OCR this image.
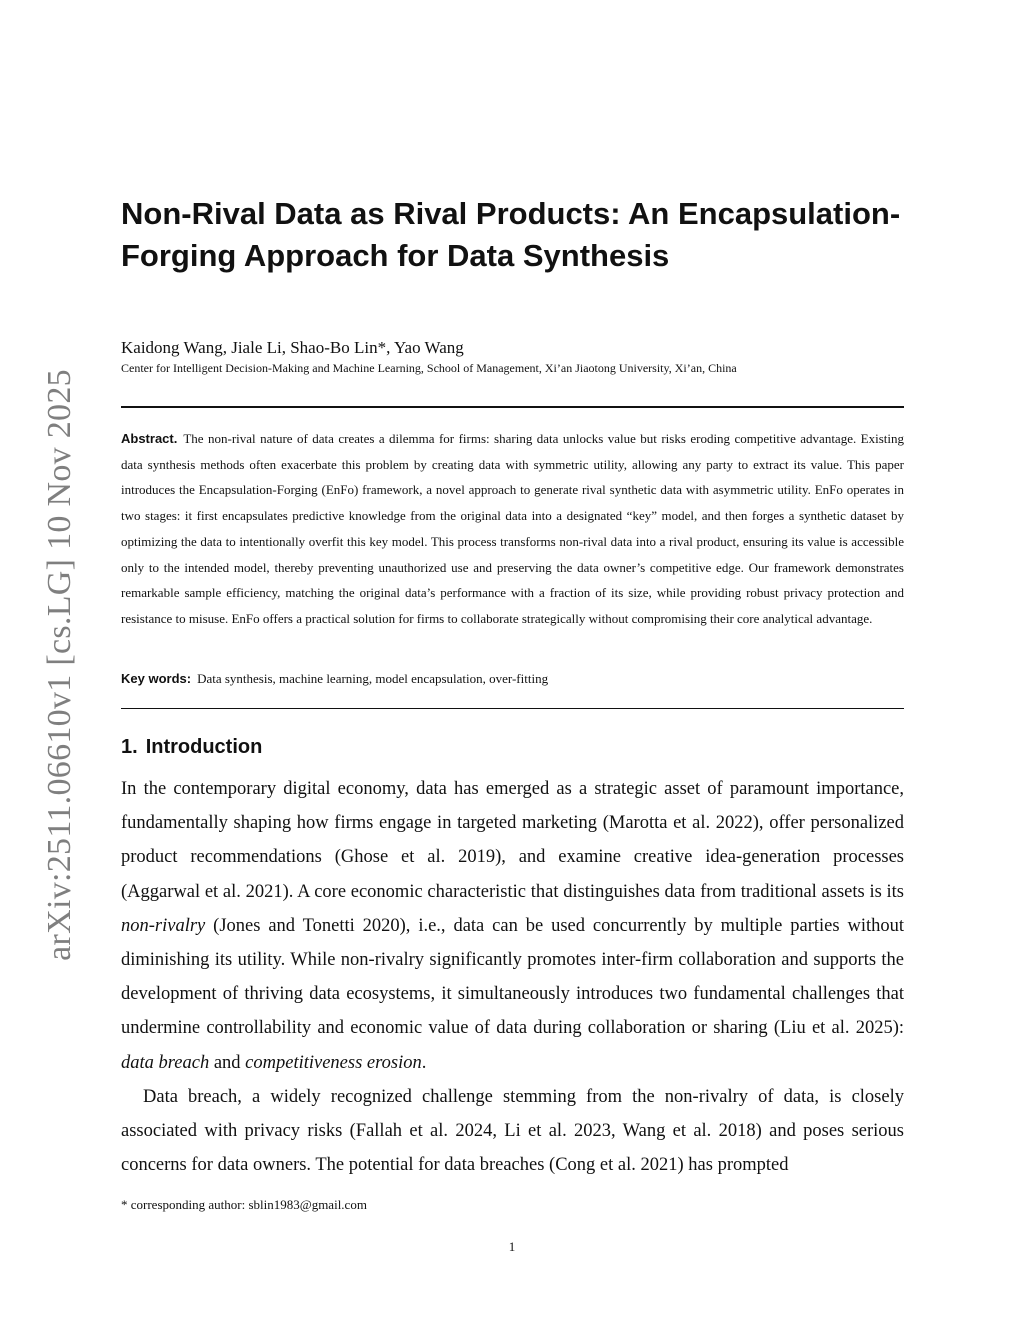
arXiv:2511.06610v1 [cs.LG] 10 Nov 2025
Non-Rival Data as Rival Products: An Encapsulation-Forging Approach for Data Synthesis
Kaidong Wang, Jiale Li, Shao-Bo Lin*, Yao Wang
Center for Intelligent Decision-Making and Machine Learning, School of Management, Xi’an Jiaotong University, Xi’an, China

Abstract. The non-rival nature of data creates a dilemma for firms: sharing data unlocks value but risks eroding competitive advantage. Existing data synthesis methods often exacerbate this problem by creating data with symmetric utility, allowing any party to extract its value. This paper introduces the Encapsulation-Forging (EnFo) framework, a novel approach to generate rival synthetic data with asymmetric utility. EnFo operates in two stages: it first encapsulates predictive knowledge from the original data into a designated “key” model, and then forges a synthetic dataset by optimizing the data to intentionally overfit this key model. This process transforms non-rival data into a rival product, ensuring its value is accessible only to the intended model, thereby preventing unauthorized use and preserving the data owner’s competitive edge. Our framework demonstrates remarkable sample efficiency, matching the original data’s performance with a fraction of its size, while providing robust privacy protection and resistance to misuse. EnFo offers a practical solution for firms to collaborate strategically without compromising their core analytical advantage.

Key words: Data synthesis, machine learning, model encapsulation, over-fitting
1. Introduction

In the contemporary digital economy, data has emerged as a strategic asset of paramount importance, fundamentally shaping how firms engage in targeted marketing (Marotta et al. 2022), offer personalized product recommendations (Ghose et al. 2019), and examine creative idea-generation processes (Aggarwal et al. 2021). A core economic characteristic that distinguishes data from traditional assets is its non-rivalry (Jones and Tonetti 2020), i.e., data can be used concurrently by multiple parties without diminishing its utility. While non-rivalry significantly promotes inter-firm collaboration and supports the development of thriving data ecosystems, it simultaneously introduces two fundamental challenges that undermine controllability and economic value of data during collaboration or sharing (Liu et al. 2025): data breach and competitiveness erosion.

Data breach, a widely recognized challenge stemming from the non-rivalry of data, is closely associated with privacy risks (Fallah et al. 2024, Li et al. 2023, Wang et al. 2018) and poses serious concerns for data owners. The potential for data breaches (Cong et al. 2021) has prompted

* corresponding author: sblin1983@gmail.com
1
